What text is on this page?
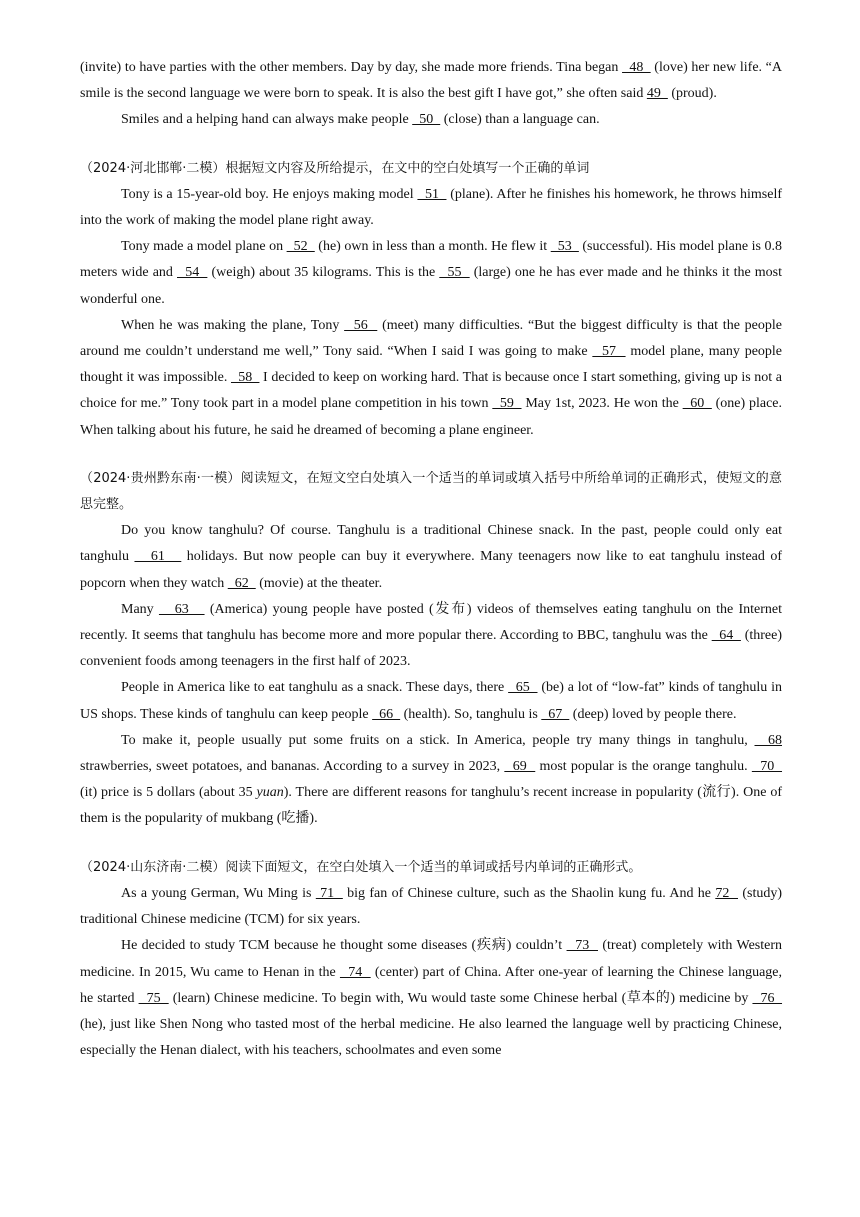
(invite) to have parties with the other members. Day by day, she made more friends. Tina began   48   (love) her new life. “A smile is the second language we were born to speak. It is also the best gift I have got,” she often said 49   (proud).

Smiles and a helping hand can always make people   50   (close) than a language can.

（2024·河北邯郸·二模）根据短文内容及所给提示，在文中的空白处填写一个正确的单词

Tony is a 15-year-old boy. He enjoys making model   51   (plane). After he finishes his homework, he throws himself into the work of making the model plane right away.

Tony made a model plane on   52   (he) own in less than a month. He flew it   53   (successful). His model plane is 0.8 meters wide and   54   (weigh) about 35 kilograms. This is the   55   (large) one he has ever made and he thinks it the most wonderful one.

When he was making the plane, Tony   56   (meet) many difficulties. “But the biggest difficulty is that the people around me couldn’t understand me well,” Tony said. “When I said I was going to make   57   model plane, many people thought it was impossible.   58   I decided to keep on working hard. That is because once I start something, giving up is not a choice for me.” Tony took part in a model plane competition in his town   59   May 1st, 2023. He won the   60   (one) place. When talking about his future, he said he dreamed of becoming a plane engineer.

（2024·贵州黔东南·一模）阅读短文，在短文空白处填入一个适当的单词或填入括号中所给单词的正确形式，使短文的意思完整。

Do you know tanghulu? Of course. Tanghulu is a traditional Chinese snack. In the past, people could only eat tanghulu    61    holidays. But now people can buy it everywhere. Many teenagers now like to eat tanghulu instead of popcorn when they watch   62   (movie) at the theater.

Many    63    (America) young people have posted (发布) videos of themselves eating tanghulu on the Internet recently. It seems that tanghulu has become more and more popular there. According to BBC, tanghulu was the   64   (three) convenient foods among teenagers in the first half of 2023.

People in America like to eat tanghulu as a snack. These days, there   65   (be) a lot of “low-fat” kinds of tanghulu in US shops. These kinds of tanghulu can keep people   66   (health). So, tanghulu is   67   (deep) loved by people there.

To make it, people usually put some fruits on a stick. In America, people try many things in tanghulu,   68 strawberries, sweet potatoes, and bananas. According to a survey in 2023,   69   most popular is the orange tanghulu.   70   (it) price is 5 dollars (about 35 yuan). There are different reasons for tanghulu’s recent increase in popularity (流行). One of them is the popularity of mukbang (吃播).

（2024·山东济南·二模）阅读下面短文，在空白处填入一个适当的单词或括号内单词的正确形式。

As a young German, Wu Ming is  71   big fan of Chinese culture, such as the Shaolin kung fu. And he 72   (study) traditional Chinese medicine (TCM) for six years.

He decided to study TCM because he thought some diseases (疾病) couldn’t   73   (treat) completely with Western medicine. In 2015, Wu came to Henan in the   74   (center) part of China. After one-year of learning the Chinese language, he started   75   (learn) Chinese medicine. To begin with, Wu would taste some Chinese herbal (草本的) medicine by   76   (he), just like Shen Nong who tasted most of the herbal medicine. He also learned the language well by practicing Chinese, especially the Henan dialect, with his teachers, schoolmates and even some
